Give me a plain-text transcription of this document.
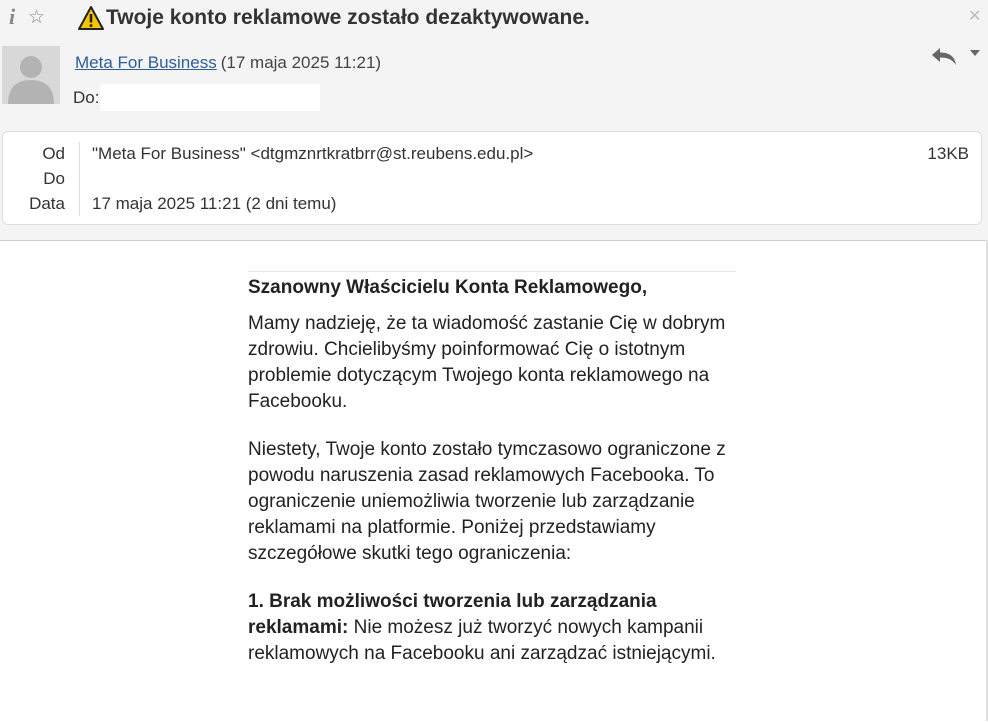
i ☆	Twoje konto reklamowe zostało dezaktywowane.	✕
Meta For Business (17 maja 2025 11:21)
Do:
Od
Do
Data
"Meta For Business" <dtgmznrtkratbrr@st.reubens.edu.pl>
17 maja 2025 11:21 (2 dni temu)
13KB

Szanowny Właścicielu Konta Reklamowego,

Mamy nadzieję, że ta wiadomość zastanie Cię w dobrym zdrowiu. Chcielibyśmy poinformować Cię o istotnym problemie dotyczącym Twojego konta reklamowego na Facebooku.

Niestety, Twoje konto zostało tymczasowo ograniczone z powodu naruszenia zasad reklamowych Facebooka. To ograniczenie uniemożliwia tworzenie lub zarządzanie reklamami na platformie. Poniżej przedstawiamy szczegółowe skutki tego ograniczenia:

1. Brak możliwości tworzenia lub zarządzania reklamami: Nie możesz już tworzyć nowych kampanii reklamowych na Facebooku ani zarządzać istniejącymi.
